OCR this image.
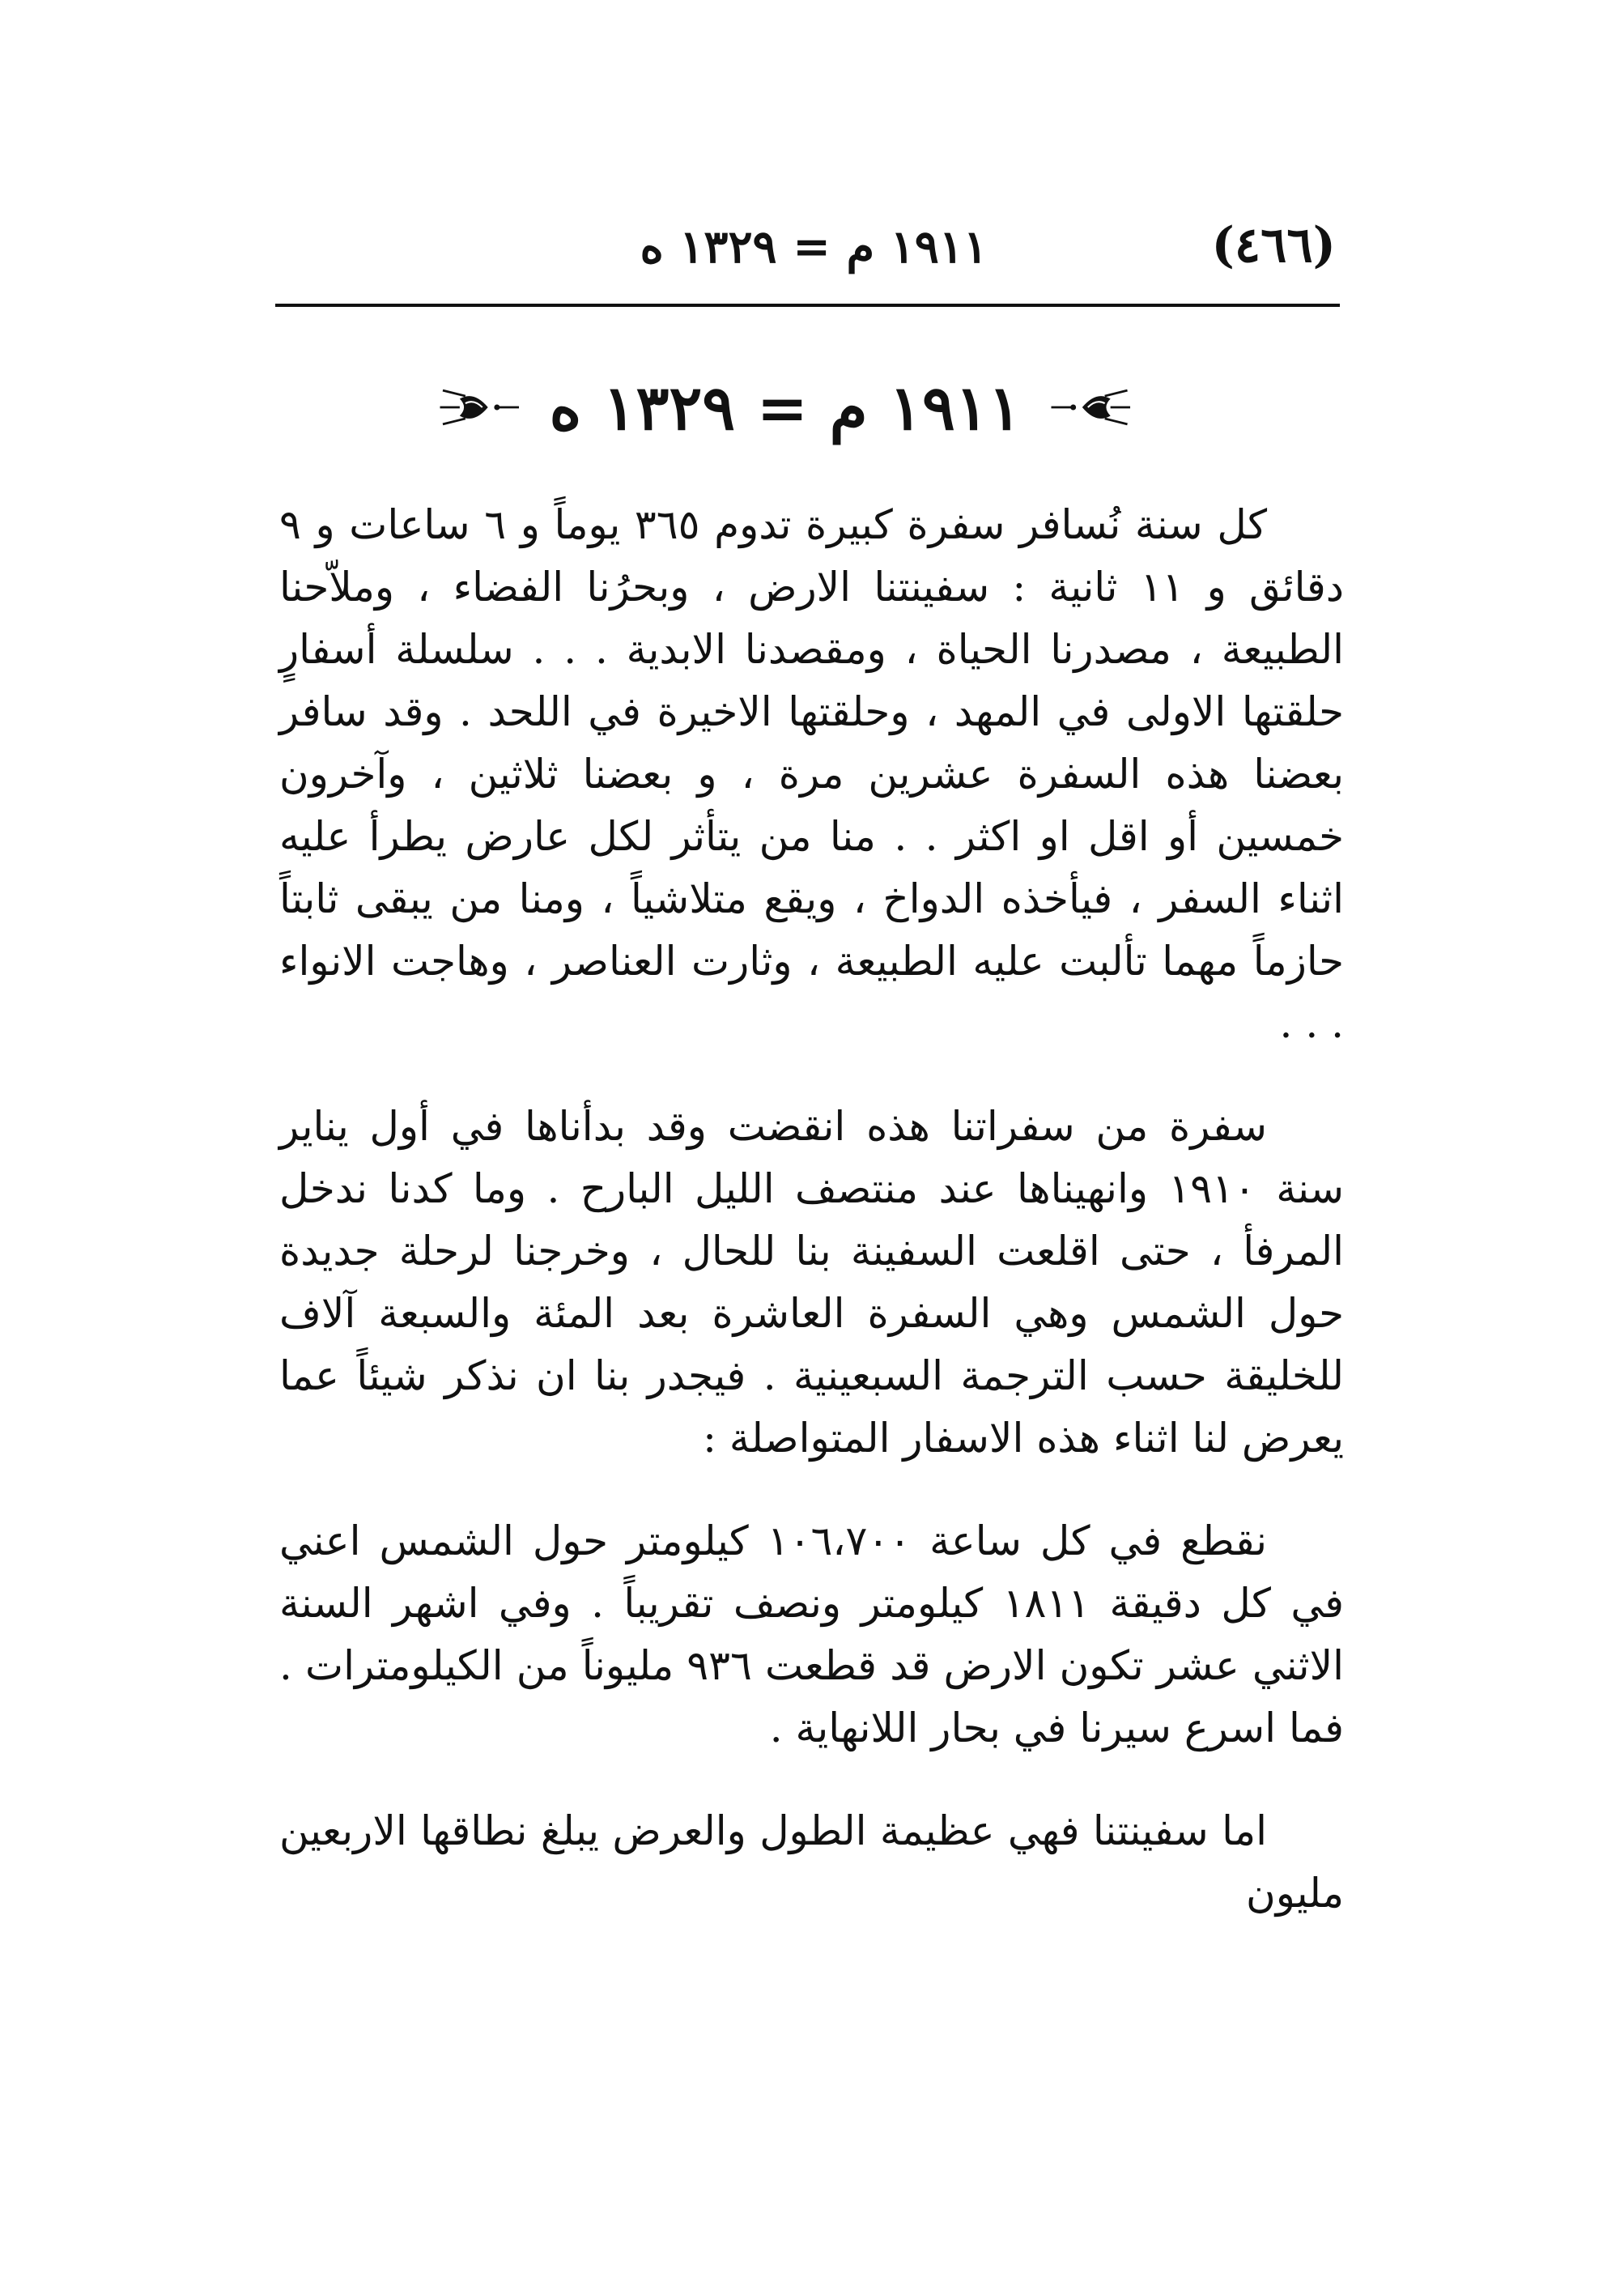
(٤٦٦)
١٩١١ م = ١٣٢٩ ه
١٩١١ م = ١٣٢٩ ه

كل سنة نُسافر سفرة كبيرة تدوم ٣٦٥ يوماً و ٦ ساعات و ٩ دقائق و ١١ ثانية : سفينتنا الارض ، وبحرُنا الفضاء ، وملاّحنا الطبيعة ، مصدرنا الحياة ، ومقصدنا الابدية . . . سلسلة أسفارٍ حلقتها الاولى في المهد ، وحلقتها الاخيرة في اللحد . وقد سافر بعضنا هذه السفرة عشرين مرة ، و بعضنا ثلاثين ، وآخرون خمسين أو اقل او اكثر . . منا من يتأثر لكل عارض يطرأ عليه اثناء السفر ، فيأخذه الدواخ ، ويقع متلاشياً ، ومنا من يبقى ثابتاً حازماً مهما تألبت عليه الطبيعة ، وثارت العناصر ، وهاجت الانواء . . .

سفرة من سفراتنا هذه انقضت وقد بدأناها في أول يناير سنة ١٩١٠ وانهيناها عند منتصف الليل البارح . وما كدنا ندخل المرفأ ، حتى اقلعت السفينة بنا للحال ، وخرجنا لرحلة جديدة حول الشمس وهي السفرة العاشرة بعد المئة والسبعة آلاف للخليقة حسب الترجمة السبعينية . فيجدر بنا ان نذكر شيئاً عما يعرض لنا اثناء هذه الاسفار المتواصلة :

نقطع في كل ساعة ١٠٦،٧٠٠ كيلومتر حول الشمس اعني في كل دقيقة ١٨١١ كيلومتر ونصف تقريباً . وفي اشهر السنة الاثني عشر تكون الارض قد قطعت ٩٣٦ مليوناً من الكيلومترات . فما اسرع سيرنا في بحار اللانهاية .

اما سفينتنا فهي عظيمة الطول والعرض يبلغ نطاقها الاربعين مليون
